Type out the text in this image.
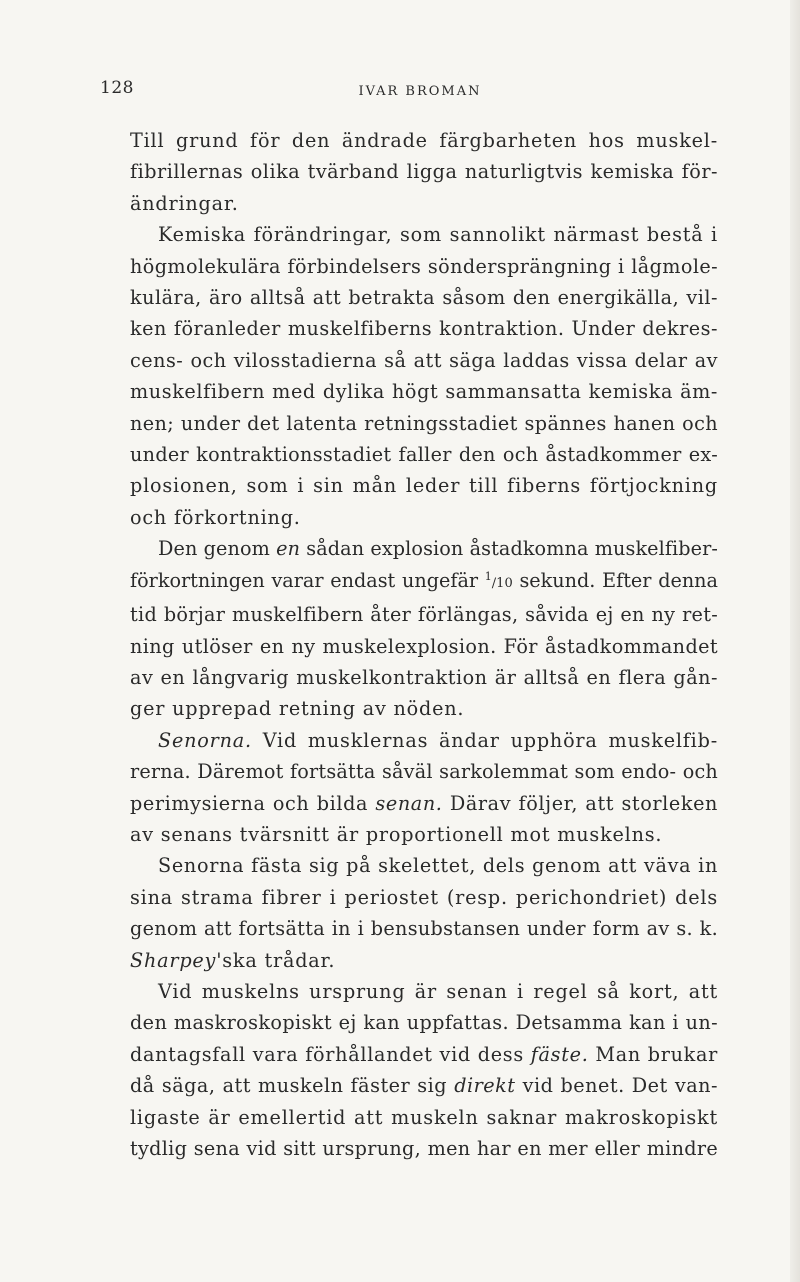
128	IVAR BROMAN
Till grund för den ändrade färgbarheten hos muskel-
fibrillernas olika tvärband ligga naturligtvis kemiska för-
ändringar.
Kemiska förändringar, som sannolikt närmast bestå i
högmolekulära förbindelsers söndersprängning i lågmole-
kulära, äro alltså att betrakta såsom den energikälla, vil-
ken föranleder muskelfiberns kontraktion. Under dekres-
cens- och vilosstadierna så att säga laddas vissa delar av
muskelfibern med dylika högt sammansatta kemiska äm-
nen; under det latenta retningsstadiet spännes hanen och
under kontraktionsstadiet faller den och åstadkommer ex-
plosionen, som i sin mån leder till fiberns förtjockning
och förkortning.
Den genom en sådan explosion åstadkomna muskelfiber-
förkortningen varar endast ungefär $^1$/10 sekund. Efter denna
tid börjar muskelfibern åter förlängas, såvida ej en ny ret-
ning utlöser en ny muskelexplosion. För åstadkommandet
av en långvarig muskelkontraktion är alltså en flera gån-
ger upprepad retning av nöden.
Senorna. Vid musklernas ändar upphöra muskelfib-
rerna. Däremot fortsätta såväl sarkolemmat som endo- och
perimysierna och bilda senan. Därav följer, att storleken
av senans tvärsnitt är proportionell mot muskelns.
Senorna fästa sig på skelettet, dels genom att väva in
sina strama fibrer i periostet (resp. perichondriet) dels
genom att fortsätta in i bensubstansen under form av s. k.
Sharpey'ska trådar.
Vid muskelns ursprung är senan i regel så kort, att
den maskroskopiskt ej kan uppfattas. Detsamma kan i un-
dantagsfall vara förhållandet vid dess fäste. Man brukar
då säga, att muskeln fäster sig direkt vid benet. Det van-
ligaste är emellertid att muskeln saknar makroskopiskt
tydlig sena vid sitt ursprung, men har en mer eller mindre
